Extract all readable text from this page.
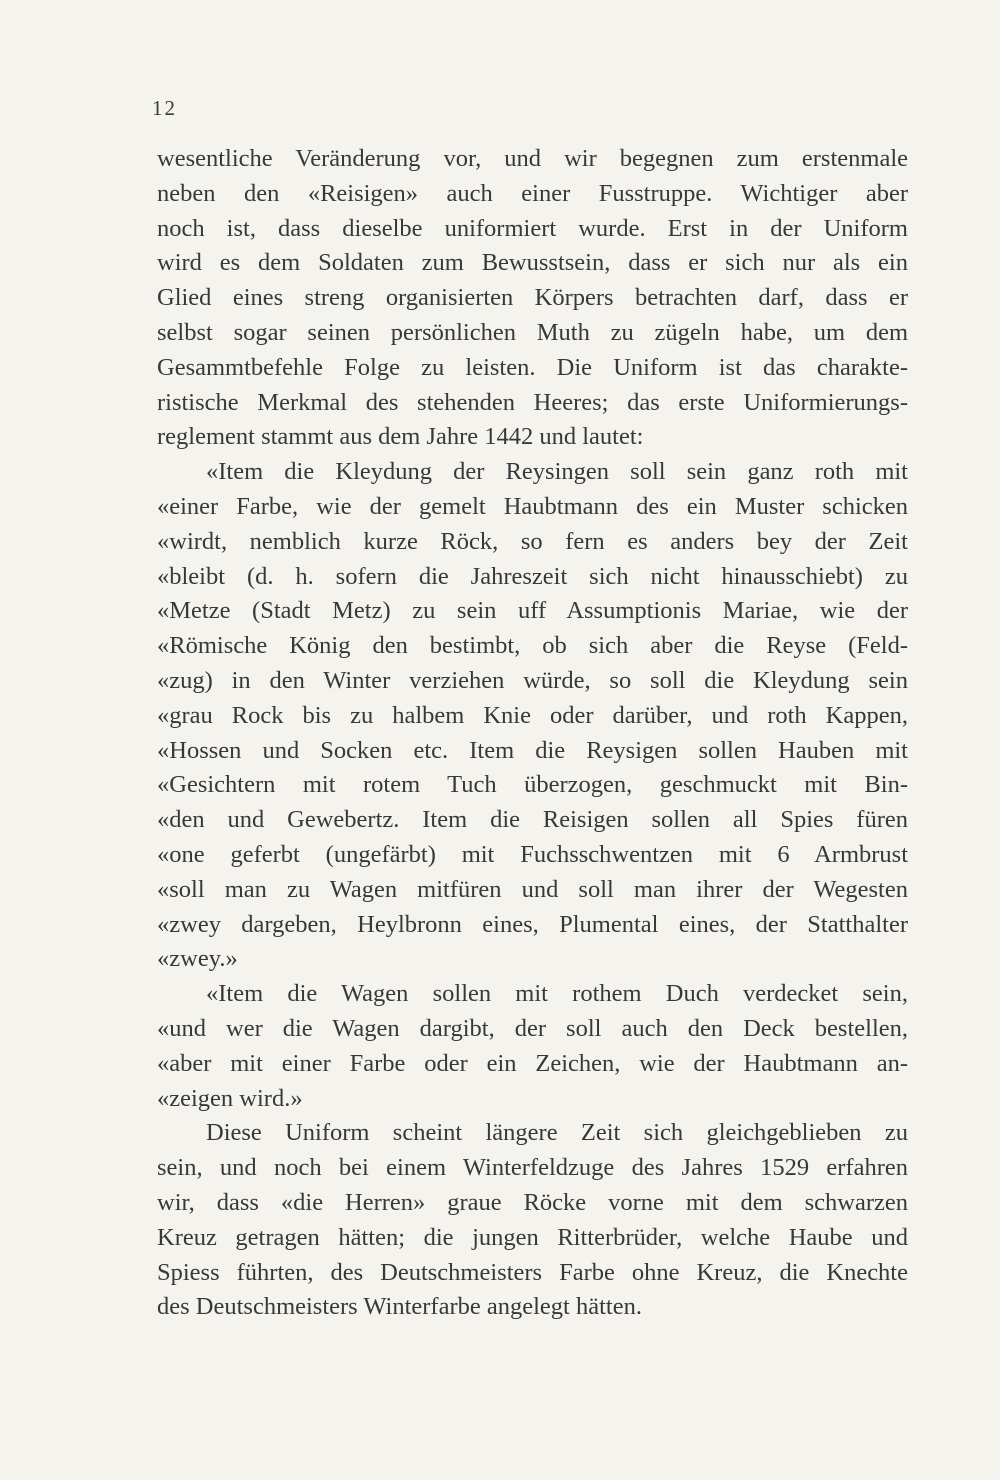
12
wesentliche Veränderung vor, und wir begegnen zum erstenmale
neben den «Reisigen» auch einer Fusstruppe. Wichtiger aber
noch ist, dass dieselbe uniformiert wurde. Erst in der Uniform
wird es dem Soldaten zum Bewusstsein, dass er sich nur als ein
Glied eines streng organisierten Körpers betrachten darf, dass er
selbst sogar seinen persönlichen Muth zu zügeln habe, um dem
Gesammtbefehle Folge zu leisten. Die Uniform ist das charakte-
ristische Merkmal des stehenden Heeres; das erste Uniformierungs-
reglement stammt aus dem Jahre 1442 und lautet:
«Item die Kleydung der Reysingen soll sein ganz roth mit
«einer Farbe, wie der gemelt Haubtmann des ein Muster schicken
«wirdt, nemblich kurze Röck, so fern es anders bey der Zeit
«bleibt (d. h. sofern die Jahreszeit sich nicht hinausschiebt) zu
«Metze (Stadt Metz) zu sein uff Assumptionis Mariae, wie der
«Römische König den bestimbt, ob sich aber die Reyse (Feld-
«zug) in den Winter verziehen würde, so soll die Kleydung sein
«grau Rock bis zu halbem Knie oder darüber, und roth Kappen,
«Hossen und Socken etc. Item die Reysigen sollen Hauben mit
«Gesichtern mit rotem Tuch überzogen, geschmuckt mit Bin-
«den und Gewebertz. Item die Reisigen sollen all Spies füren
«one geferbt (ungefärbt) mit Fuchsschwentzen mit 6 Armbrust
«soll man zu Wagen mitfüren und soll man ihrer der Wegesten
«zwey dargeben, Heylbronn eines, Plumental eines, der Statthalter
«zwey.»
«Item die Wagen sollen mit rothem Duch verdecket sein,
«und wer die Wagen dargibt, der soll auch den Deck bestellen,
«aber mit einer Farbe oder ein Zeichen, wie der Haubtmann an-
«zeigen wird.»
Diese Uniform scheint längere Zeit sich gleichgeblieben zu
sein, und noch bei einem Winterfeldzuge des Jahres 1529 erfahren
wir, dass «die Herren» graue Röcke vorne mit dem schwarzen
Kreuz getragen hätten; die jungen Ritterbrüder, welche Haube und
Spiess führten, des Deutschmeisters Farbe ohne Kreuz, die Knechte
des Deutschmeisters Winterfarbe angelegt hätten.
